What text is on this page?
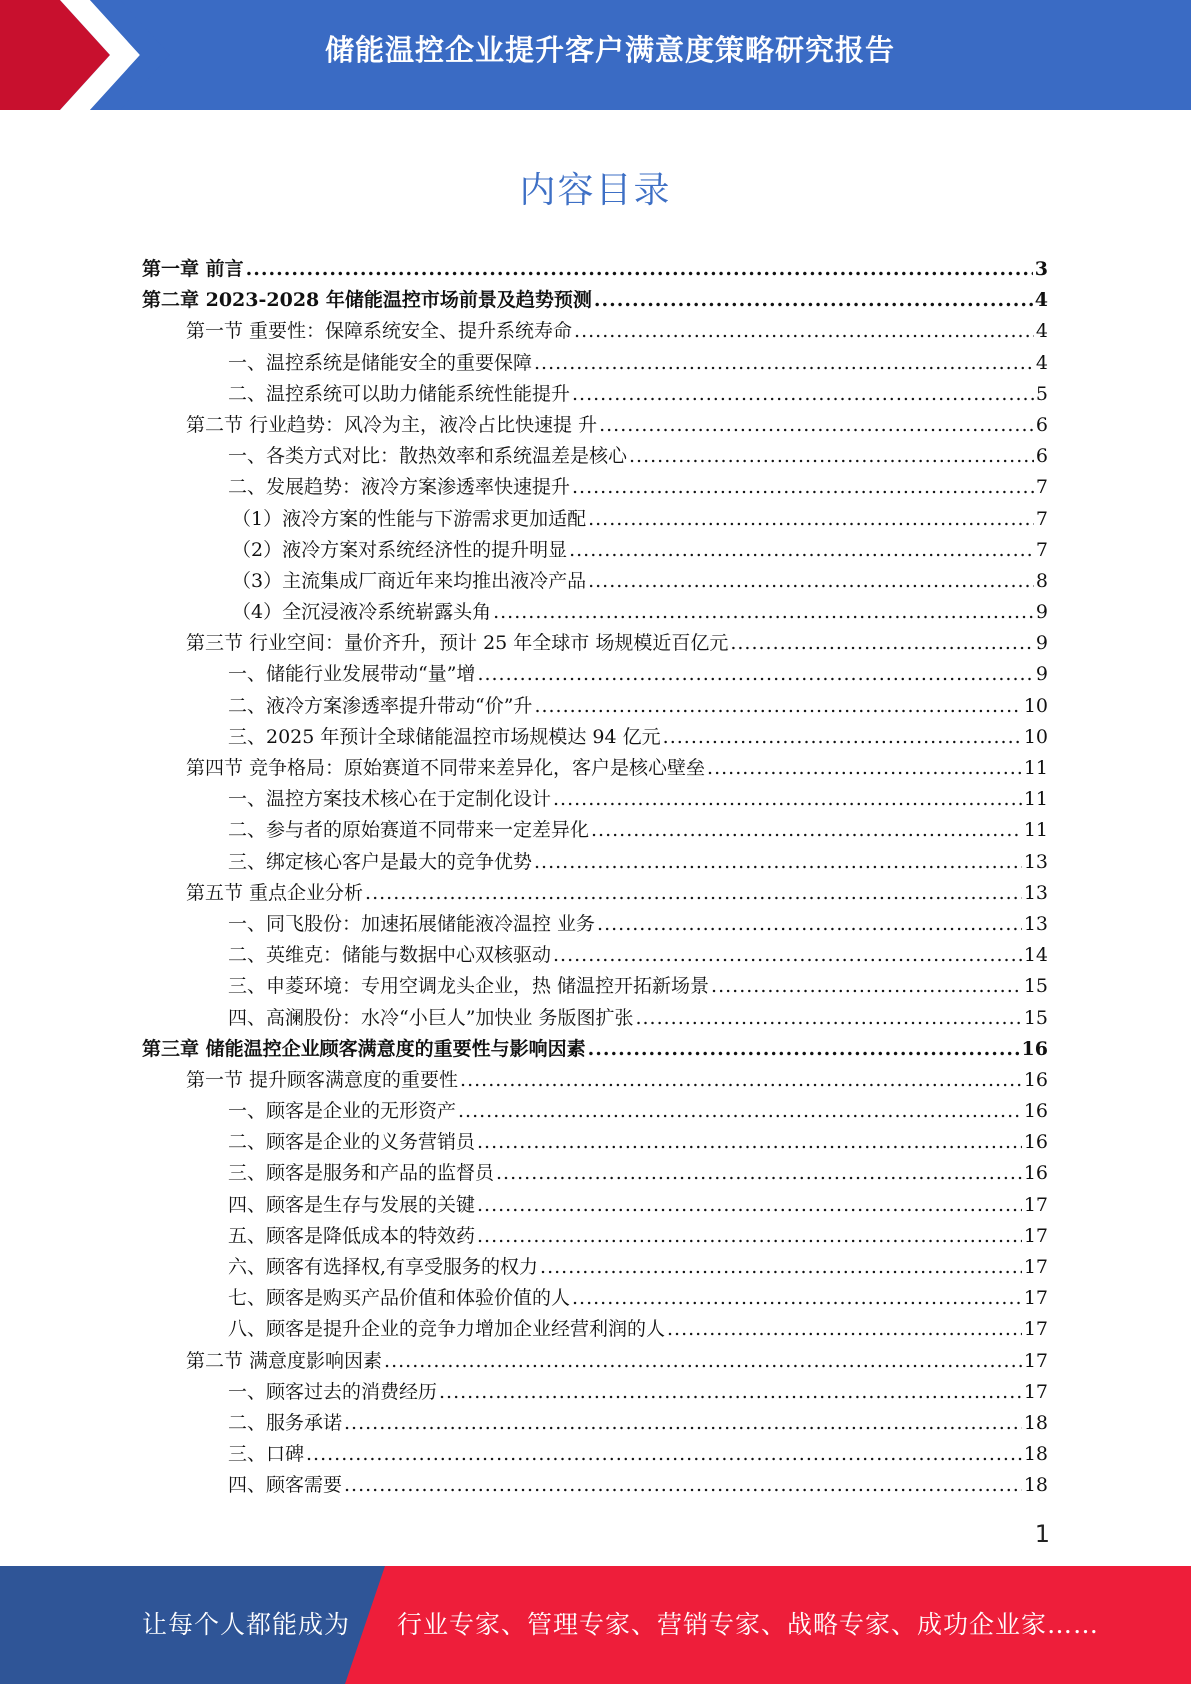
储能温控企业提升客户满意度策略研究报告
内容目录
第一章 前言 .....	3
第二章 2023-2028 年储能温控市场前景及趋势预测 .....	4
第一节 重要性：保障系统安全、提升系统寿命 .....	4
一、温控系统是储能安全的重要保障 .....	4
二、温控系统可以助力储能系统性能提升 .....	5
第二节 行业趋势：风冷为主，液冷占比快速提 升 .....	6
一、各类方式对比：散热效率和系统温差是核心 .....	6
二、发展趋势：液冷方案渗透率快速提升 .....	7
（1）液冷方案的性能与下游需求更加适配 .....	7
（2）液冷方案对系统经济性的提升明显 .....	7
（3）主流集成厂商近年来均推出液冷产品 .....	8
（4）全沉浸液冷系统崭露头角 .....	9
第三节 行业空间：量价齐升，预计 25 年全球市 场规模近百亿元 .....	9
一、储能行业发展带动“量”增 .....	9
二、液冷方案渗透率提升带动“价”升 .....	10
三、2025 年预计全球储能温控市场规模达 94 亿元 .....	10
第四节 竞争格局：原始赛道不同带来差异化，客户是核心壁垒 .....	11
一、温控方案技术核心在于定制化设计 .....	11
二、参与者的原始赛道不同带来一定差异化 .....	11
三、绑定核心客户是最大的竞争优势 .....	13
第五节 重点企业分析 .....	13
一、同飞股份：加速拓展储能液冷温控 业务 .....	13
二、英维克：储能与数据中心双核驱动 .....	14
三、申菱环境：专用空调龙头企业，热 储温控开拓新场景 .....	15
四、高澜股份：水冷“小巨人”加快业 务版图扩张 .....	15
第三章 储能温控企业顾客满意度的重要性与影响因素 .....	16
第一节 提升顾客满意度的重要性 .....	16
一、顾客是企业的无形资产 .....	16
二、顾客是企业的义务营销员 .....	16
三、顾客是服务和产品的监督员 .....	16
四、顾客是生存与发展的关键 .....	17
五、顾客是降低成本的特效药 .....	17
六、顾客有选择权,有享受服务的权力 .....	17
七、顾客是购买产品价值和体验价值的人 .....	17
八、顾客是提升企业的竞争力增加企业经营利润的人 .....	17
第二节 满意度影响因素 .....	17
一、顾客过去的消费经历 .....	17
二、服务承诺 .....	18
三、口碑 .....	18
四、顾客需要 .....	18
1
让每个人都能成为 行业专家、管理专家、营销专家、战略专家、成功企业家……
